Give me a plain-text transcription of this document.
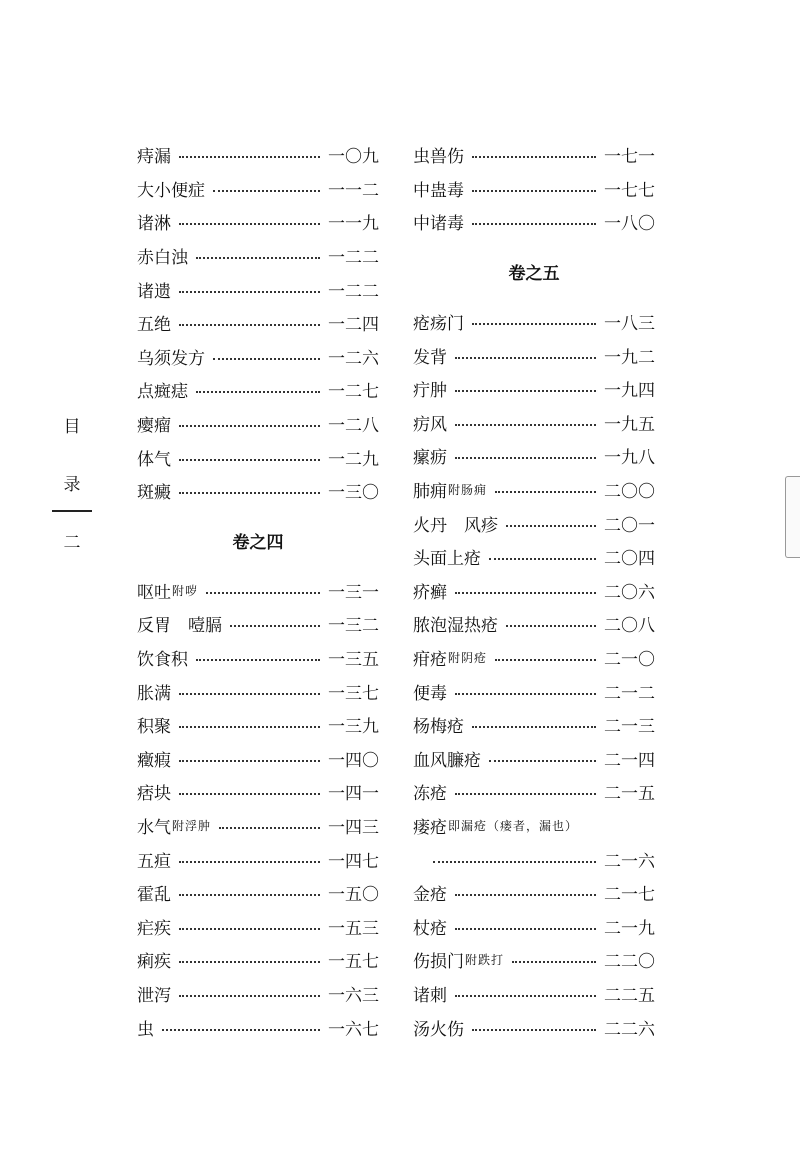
目
录
二
痔漏	一〇九
大小便症	一一二
诸淋	一一九
赤白浊	一二二
诸遗	一二二
五绝	一二四
乌须发方	一二六
点癍痣	一二七
瘿瘤	一二八
体气	一二九
斑癜	一三〇
卷之四
呕吐 附哕	一三一
反胃　噎膈	一三二
饮食积	一三五
胀满	一三七
积聚	一三九
癥瘕	一四〇
痞块	一四一
水气 附浮肿	一四三
五疸	一四七
霍乱	一五〇
疟疾	一五三
痢疾	一五七
泄泻	一六三
虫	一六七
虫兽伤	一七一
中蛊毒	一七七
中诸毒	一八〇
卷之五
疮疡门	一八三
发背	一九二
疔肿	一九四
疠风	一九五
瘰疬	一九八
肺痈 附肠痈	二〇〇
火丹　风疹	二〇一
头面上疮	二〇四
疥癣	二〇六
脓泡湿热疮	二〇八
疳疮 附阴疮	二一〇
便毒	二一二
杨梅疮	二一三
血风臁疮	二一四
冻疮	二一五
瘘疮 即漏疮（瘘者，漏也）
二一六
金疮	二一七
杖疮	二一九
伤损门 附跌打	二二〇
诸刺	二二五
汤火伤	二二六
